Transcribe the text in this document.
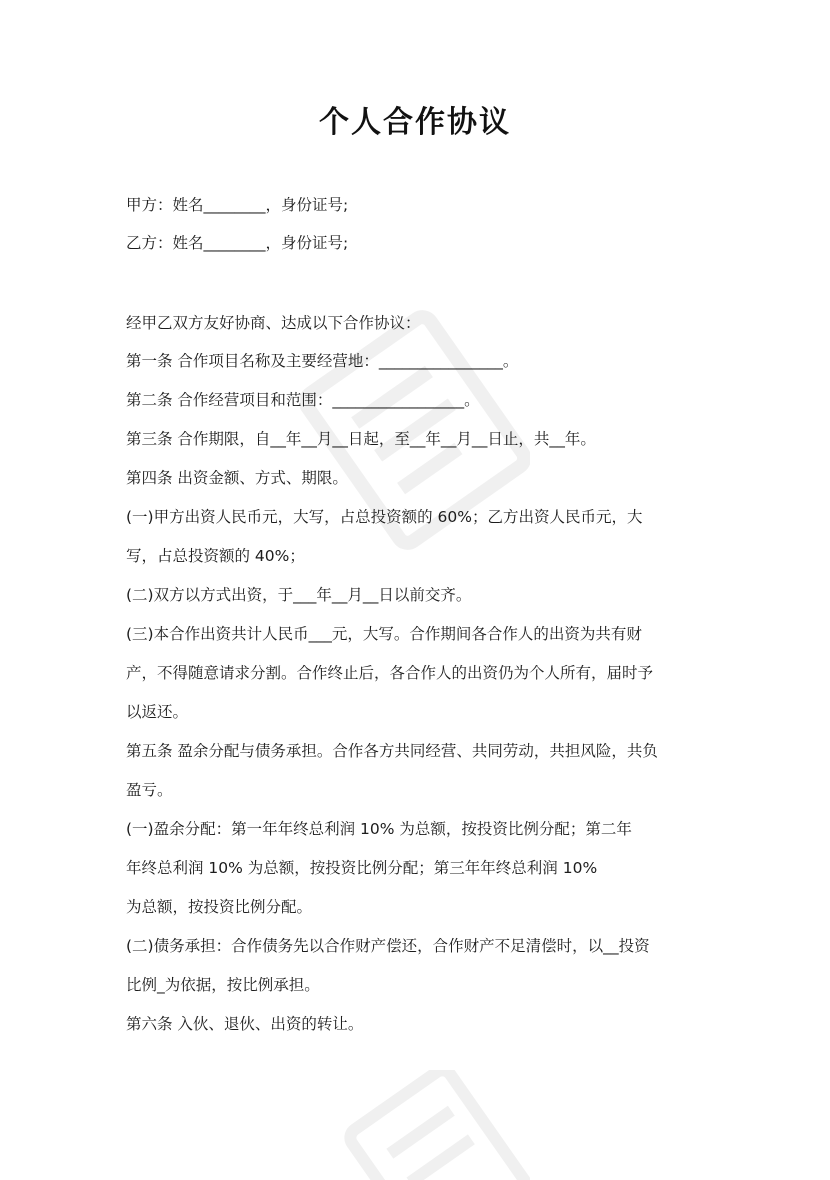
个人合作协议
甲方：姓名________，身份证号;
乙方：姓名________，身份证号;
经甲乙双方友好协商、达成以下合作协议：
第一条 合作项目名称及主要经营地：________________。
第二条 合作经营项目和范围：_________________。
第三条 合作期限，自__年__月__日起，至__年__月__日止，共__年。
第四条 出资金额、方式、期限。
(一)甲方出资人民币元，大写，占总投资额的 60%；乙方出资人民币元，大
写，占总投资额的 40%；
(二)双方以方式出资，于___年__月__日以前交齐。
(三)本合作出资共计人民币___元，大写。合作期间各合作人的出资为共有财
产，不得随意请求分割。合作终止后，各合作人的出资仍为个人所有，届时予
以返还。
第五条 盈余分配与债务承担。合作各方共同经营、共同劳动，共担风险，共负
盈亏。
(一)盈余分配：第一年年终总利润 10% 为总额，按投资比例分配；第二年
年终总利润 10% 为总额，按投资比例分配；第三年年终总利润 10%
为总额，按投资比例分配。
(二)债务承担：合作债务先以合作财产偿还，合作财产不足清偿时，以__投资
比例_为依据，按比例承担。
第六条 入伙、退伙、出资的转让。
